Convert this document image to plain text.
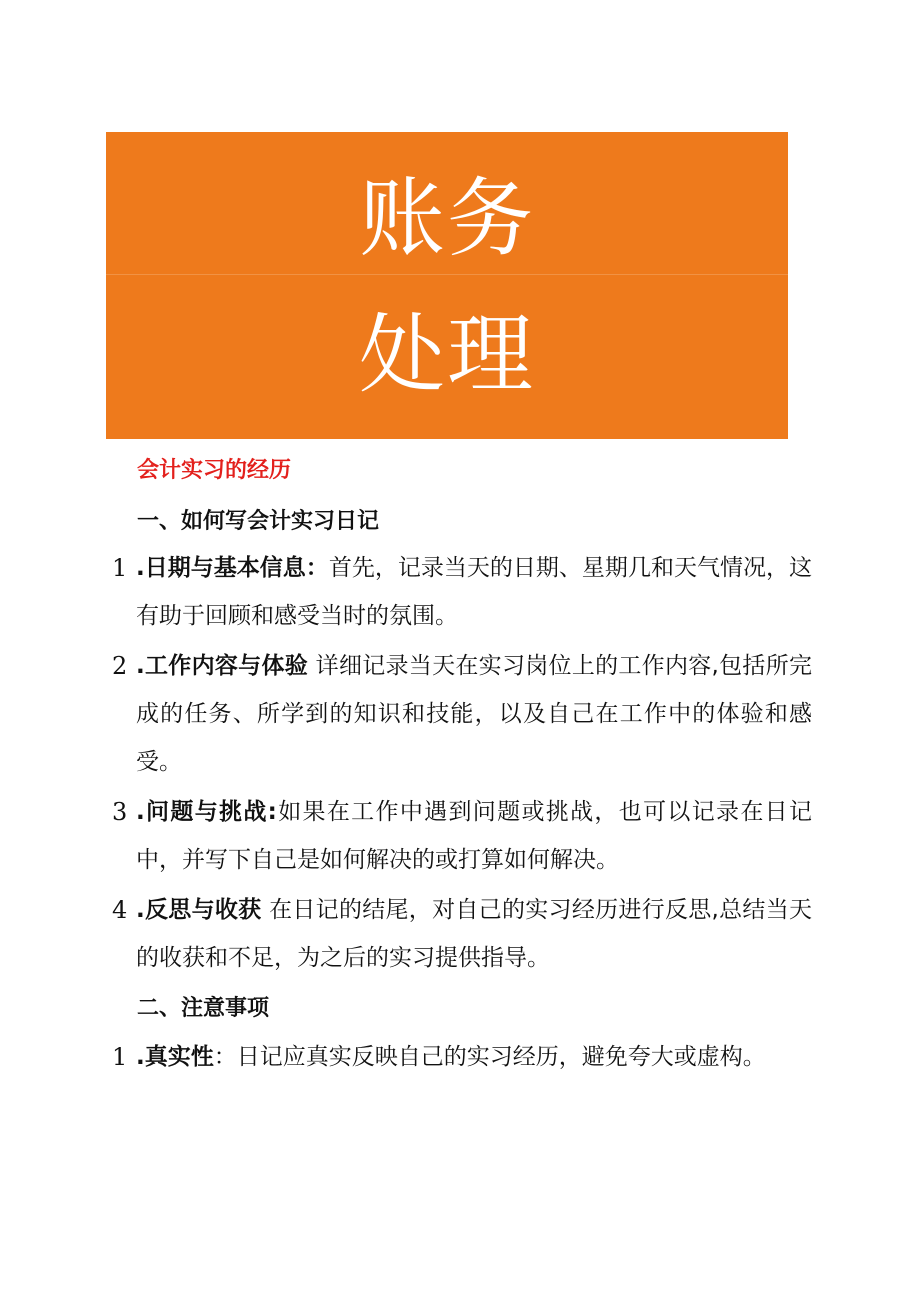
账务
处理
会计实习的经历
一、如何写会计实习日记
1 .日期与基本信息：首先，记录当天的日期、星期几和天气情况，这有助于回顾和感受当时的氛围。
2 .工作内容与体验 详细记录当天在实习岗位上的工作内容,包括所完成的任务、所学到的知识和技能，以及自己在工作中的体验和感受。
3 .问题与挑战:如果在工作中遇到问题或挑战，也可以记录在日记中，并写下自己是如何解决的或打算如何解决。
4 .反思与收获 在日记的结尾，对自己的实习经历进行反思,总结当天的收获和不足，为之后的实习提供指导。
二、注意事项
1 .真实性：日记应真实反映自己的实习经历，避免夸大或虚构。
